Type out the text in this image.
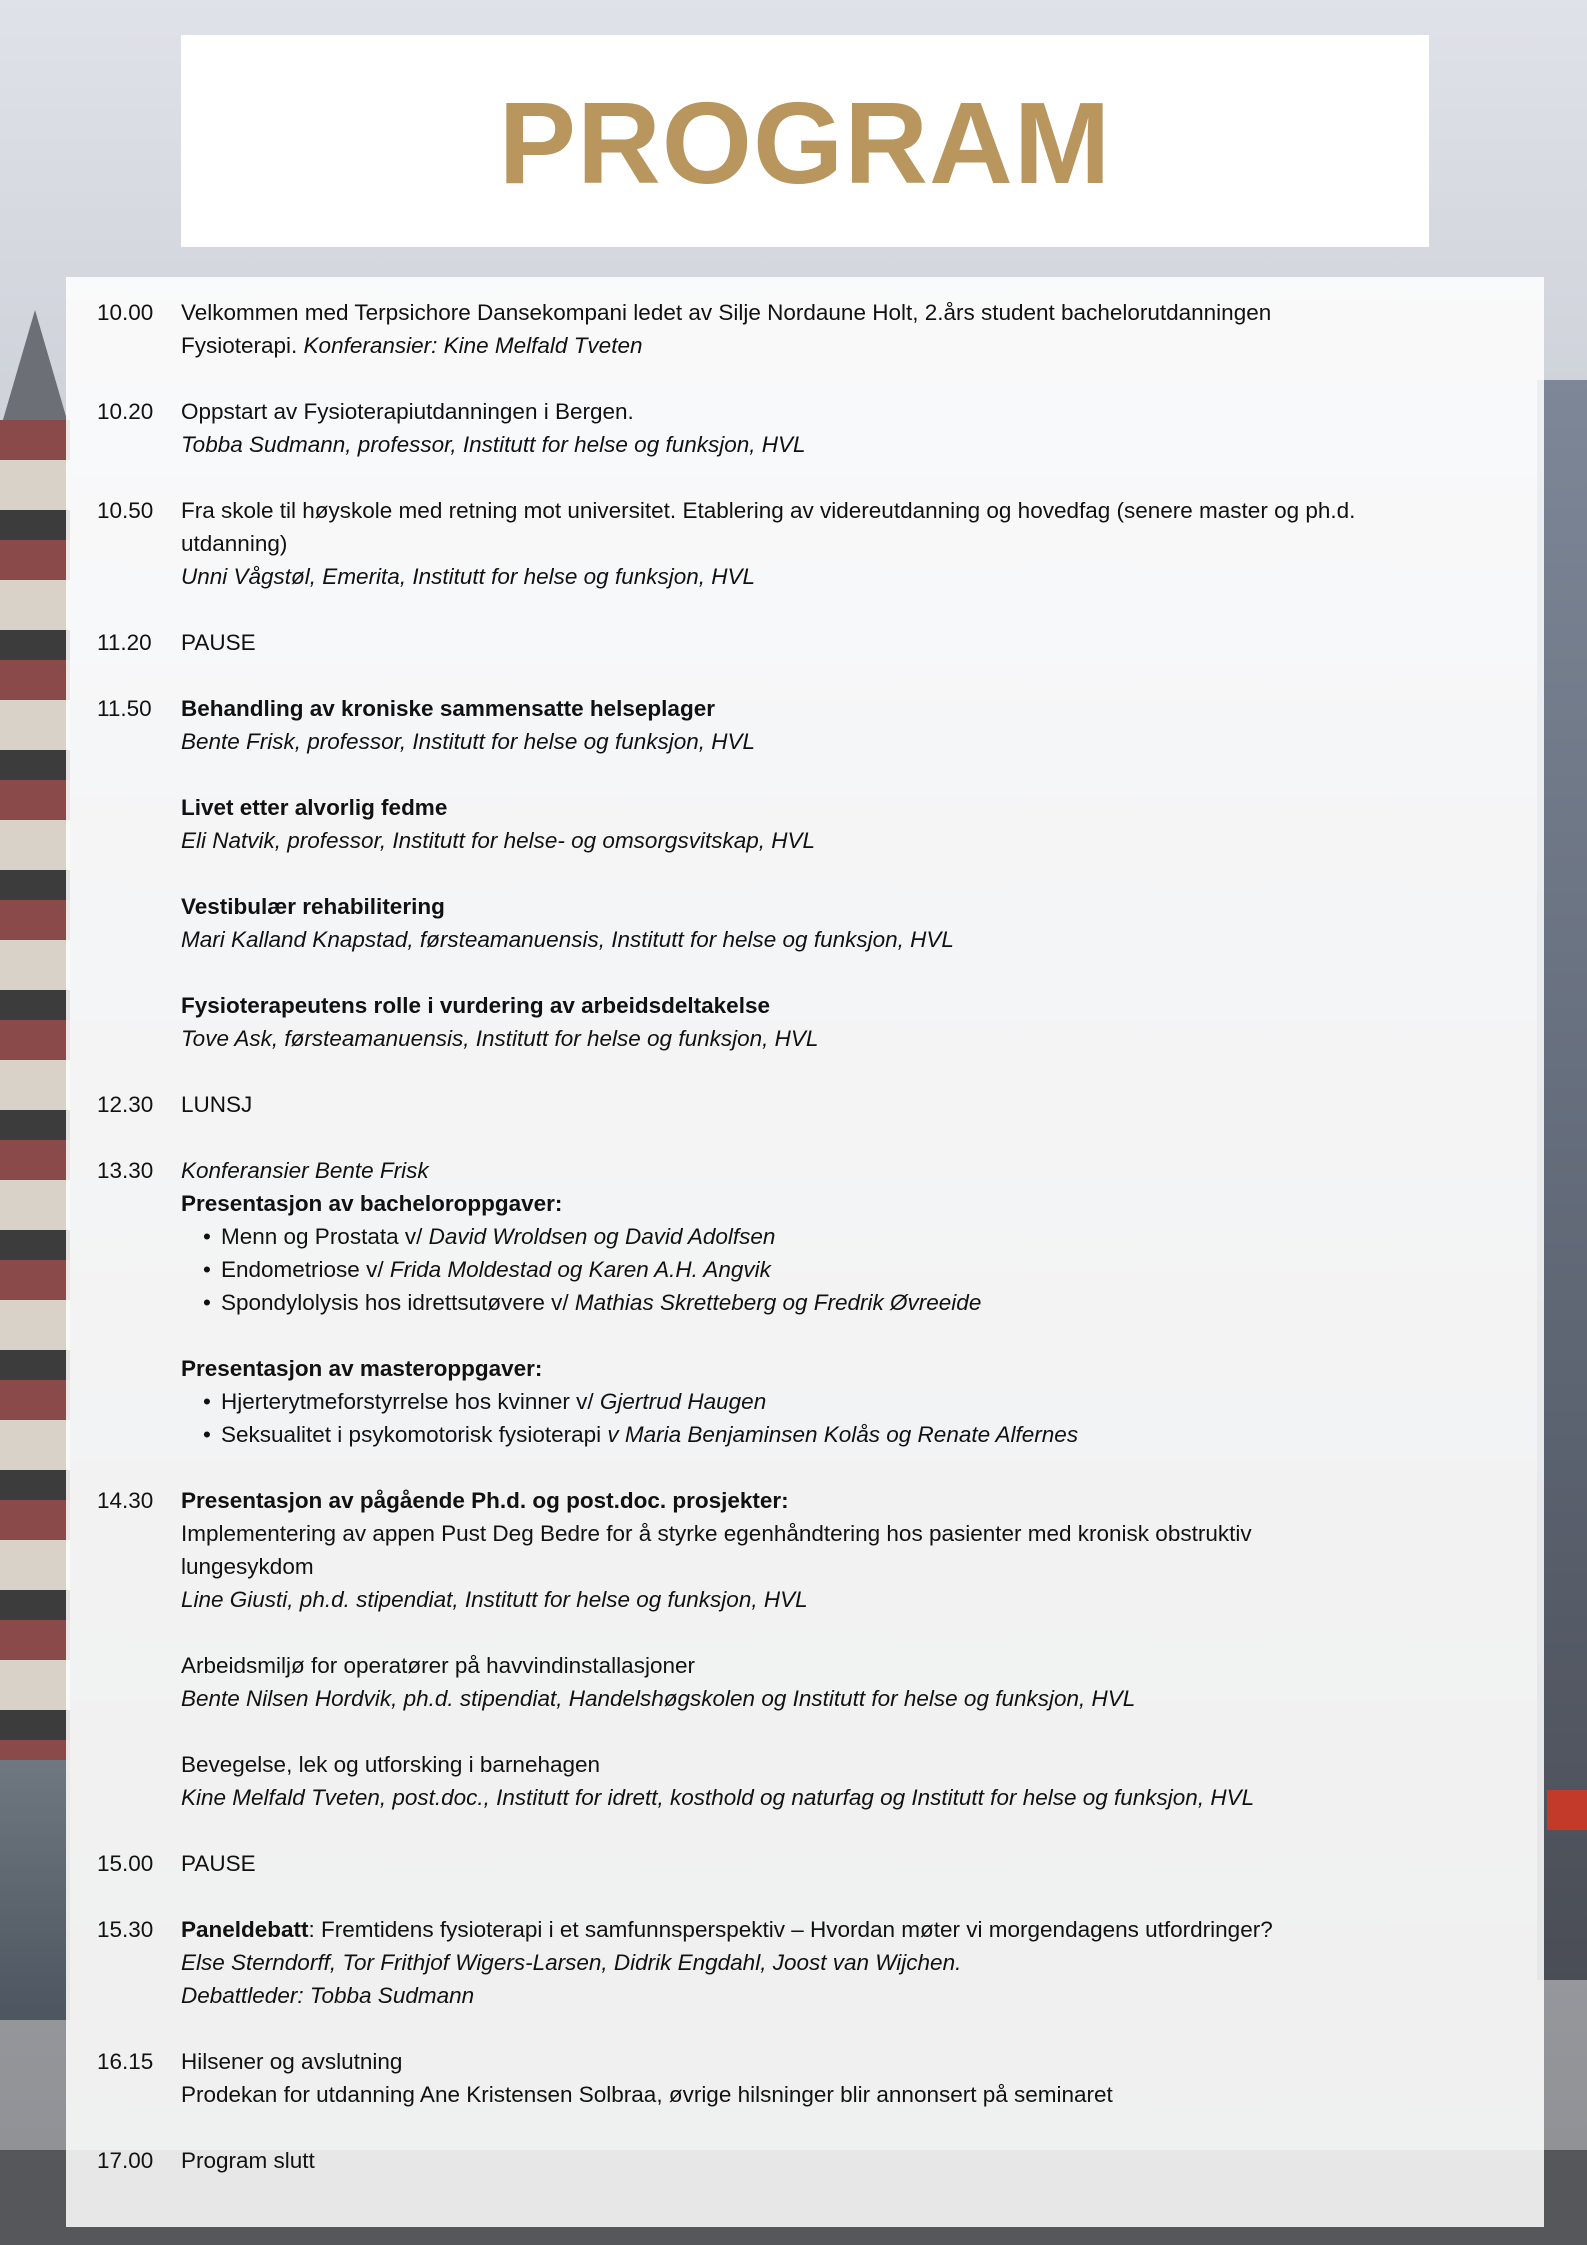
PROGRAM
10.00	Velkommen med Terpsichore Dansekompani ledet av Silje Nordaune Holt, 2.års student bachelorutdanningen
Fysioterapi. Konferansier: Kine Melfald Tveten
10.20	Oppstart av Fysioterapiutdanningen i Bergen.
Tobba Sudmann, professor, Institutt for helse og funksjon, HVL
10.50	Fra skole til høyskole med retning mot universitet. Etablering av videreutdanning og hovedfag (senere master og ph.d.
utdanning)
Unni Vågstøl, Emerita, Institutt for helse og funksjon, HVL
11.20	PAUSE
11.50	Behandling av kroniske sammensatte helseplager
Bente Frisk, professor, Institutt for helse og funksjon, HVL

Livet etter alvorlig fedme
Eli Natvik, professor, Institutt for helse- og omsorgsvitskap, HVL

Vestibulær rehabilitering
Mari Kalland Knapstad, førsteamanuensis, Institutt for helse og funksjon, HVL

Fysioterapeutens rolle i vurdering av arbeidsdeltakelse
Tove Ask, førsteamanuensis, Institutt for helse og funksjon, HVL
12.30	LUNSJ
13.30	Konferansier Bente Frisk
Presentasjon av bacheloroppgaver:
• Menn og Prostata v/ David Wroldsen og David Adolfsen
• Endometriose v/ Frida Moldestad og Karen A.H. Angvik
• Spondylolysis hos idrettsutøvere v/ Mathias Skretteberg og Fredrik Øvreeide

Presentasjon av masteroppgaver:
• Hjerterytmeforstyrrelse hos kvinner v/ Gjertrud Haugen
• Seksualitet i psykomotorisk fysioterapi v Maria Benjaminsen Kolås og Renate Alfernes
14.30	Presentasjon av pågående Ph.d. og post.doc. prosjekter:
Implementering av appen Pust Deg Bedre for å styrke egenhåndtering hos pasienter med kronisk obstruktiv
lungesykdom
Line Giusti, ph.d. stipendiat, Institutt for helse og funksjon, HVL

Arbeidsmiljø for operatører på havvindinstallasjoner
Bente Nilsen Hordvik, ph.d. stipendiat, Handelshøgskolen og Institutt for helse og funksjon, HVL

Bevegelse, lek og utforsking i barnehagen
Kine Melfald Tveten, post.doc., Institutt for idrett, kosthold og naturfag og Institutt for helse og funksjon, HVL
15.00	PAUSE
15.30	Paneldebatt: Fremtidens fysioterapi i et samfunnsperspektiv – Hvordan møter vi morgendagens utfordringer?
Else Sterndorff, Tor Frithjof Wigers-Larsen, Didrik Engdahl, Joost van Wijchen.
Debattleder: Tobba Sudmann
16.15	Hilsener og avslutning
Prodekan for utdanning Ane Kristensen Solbraa, øvrige hilsninger blir annonsert på seminaret
17.00	Program slutt
